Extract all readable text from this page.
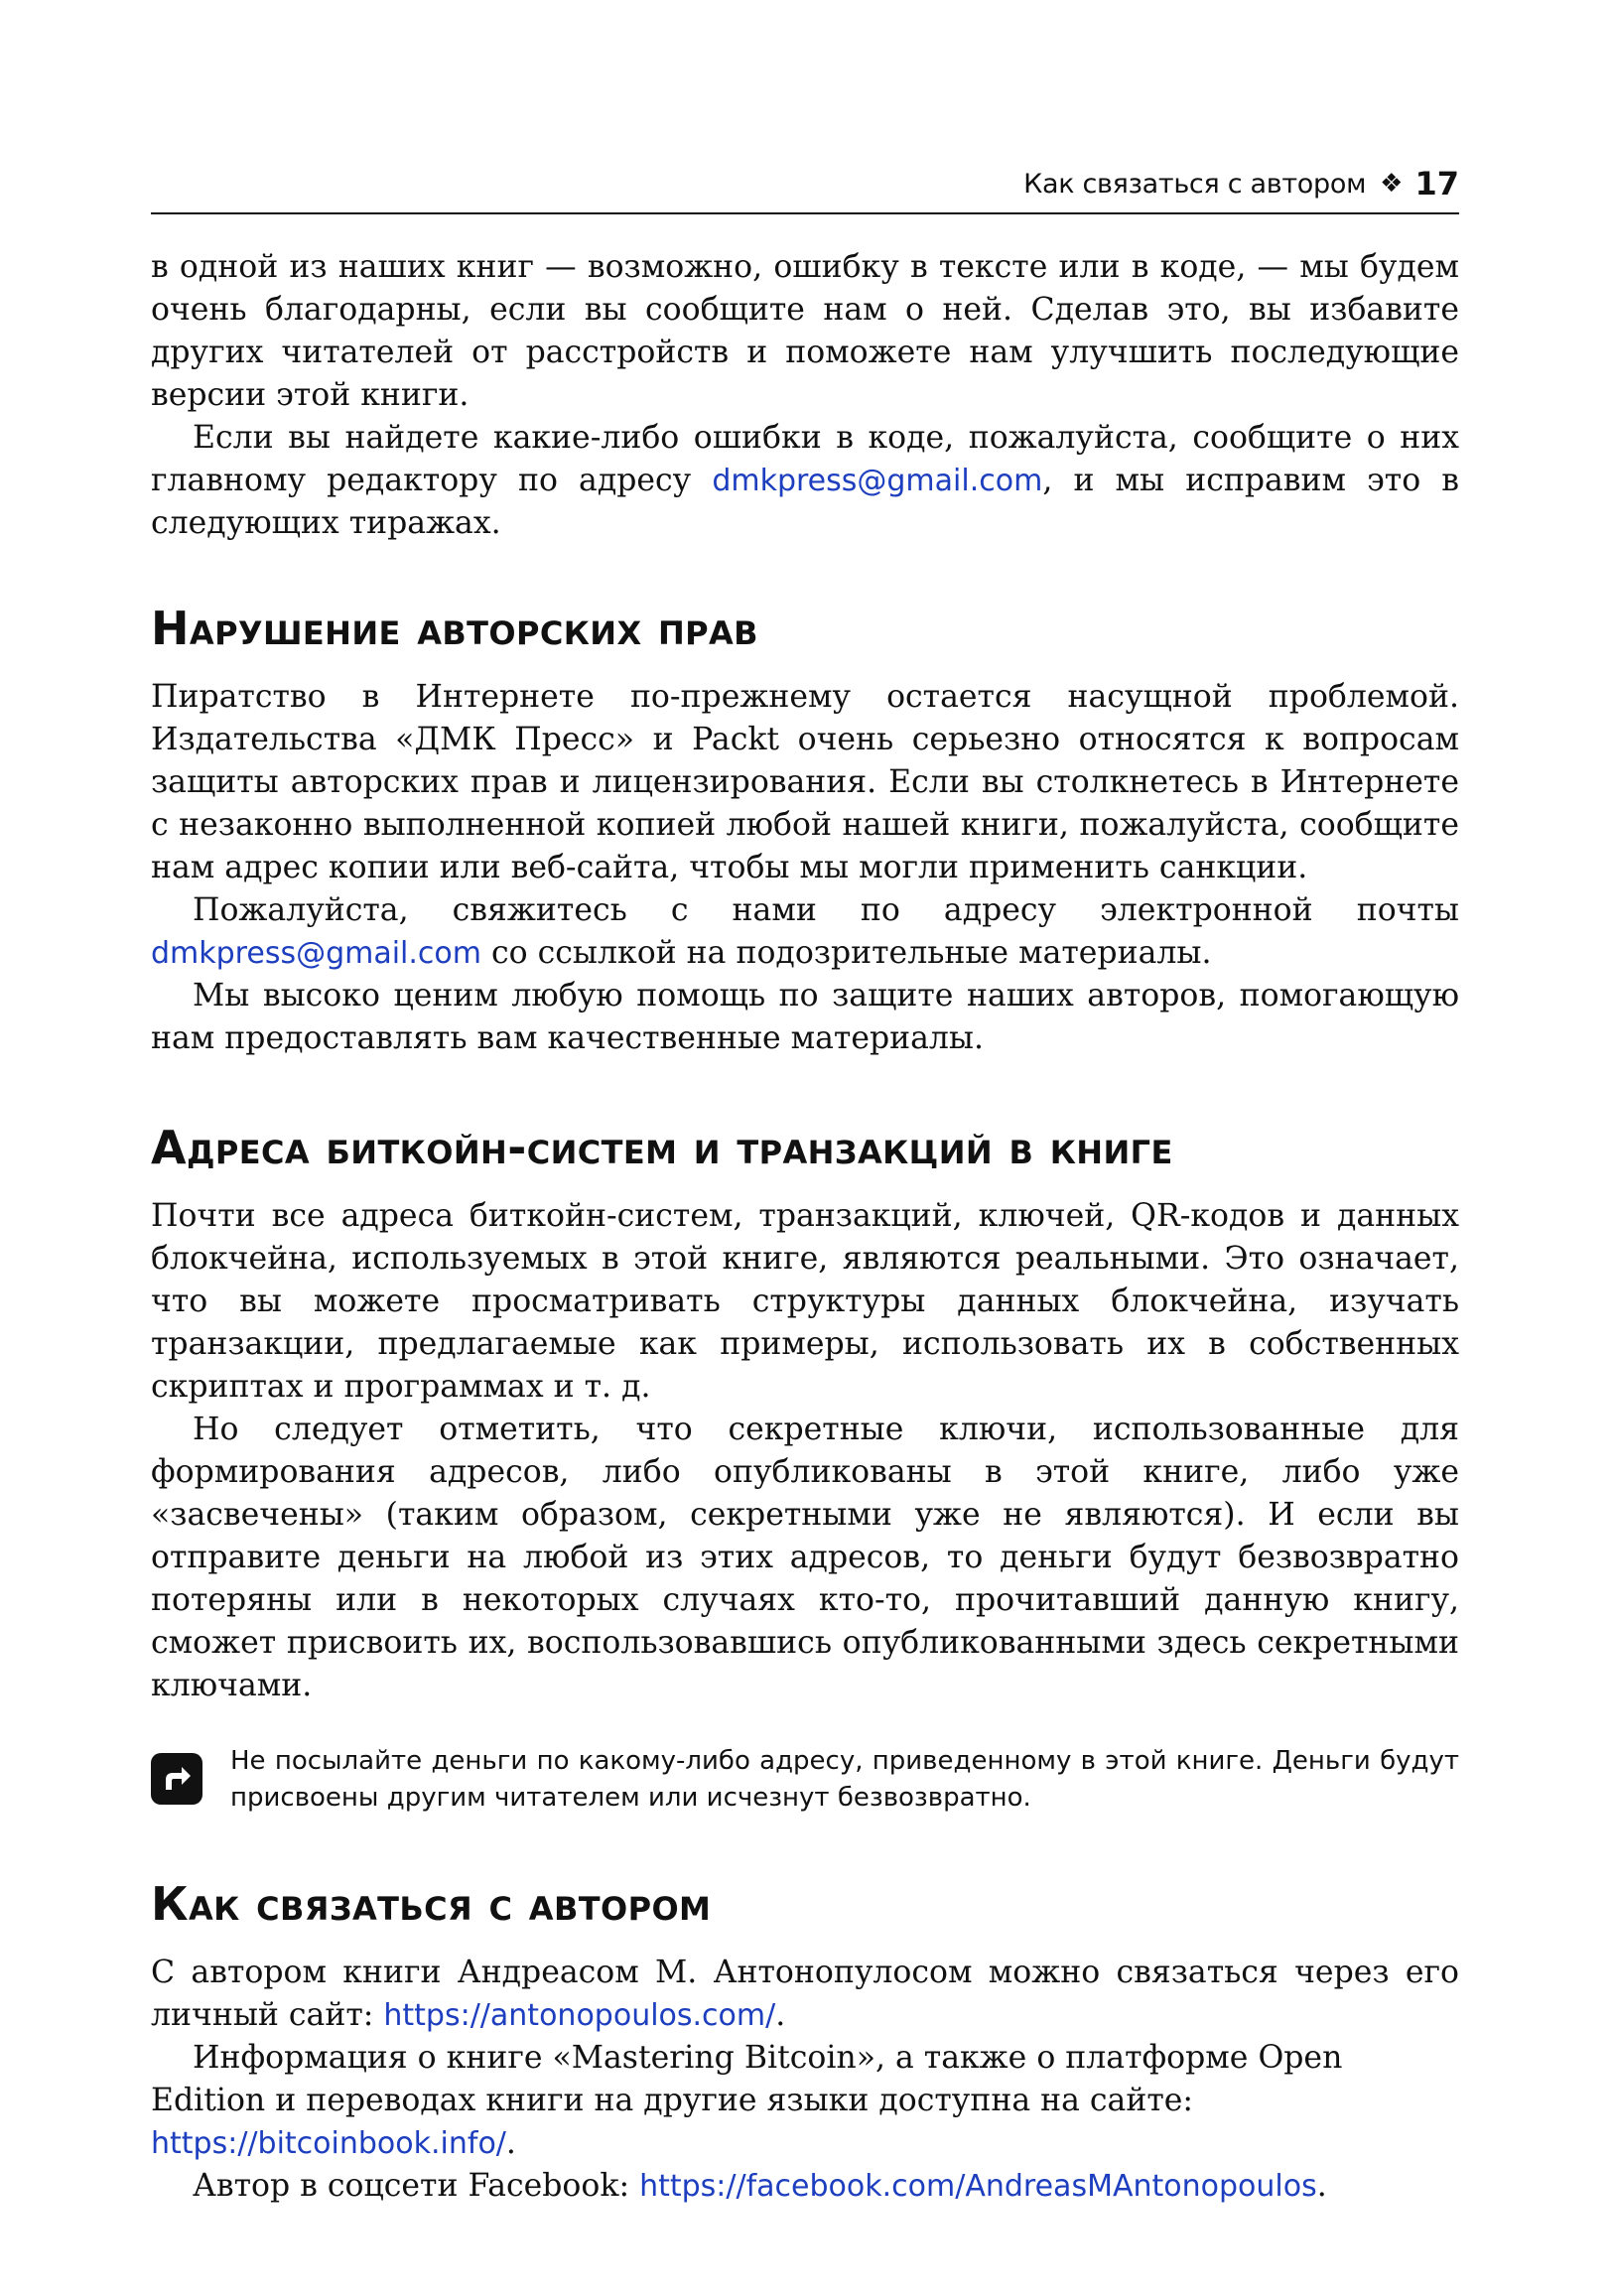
Как связаться с автором ❖ 17

в одной из наших книг — возможно, ошибку в тексте или в коде, — мы будем очень благодарны, если вы сообщите нам о ней. Сделав это, вы избавите других читателей от расстройств и поможете нам улучшить последующие версии этой книги.

Если вы найдете какие-либо ошибки в коде, пожалуйста, сообщите о них главному редактору по адресу dmkpress@gmail.com, и мы исправим это в следующих тиражах.

Нарушение авторских прав

Пиратство в Интернете по-прежнему остается насущной проблемой. Издательства «ДМК Пресс» и Packt очень серьезно относятся к вопросам защиты авторских прав и лицензирования. Если вы столкнетесь в Интернете с незаконно выполненной копией любой нашей книги, пожалуйста, сообщите нам адрес копии или веб-сайта, чтобы мы могли применить санкции.

Пожалуйста, свяжитесь с нами по адресу электронной почты dmkpress@gmail.com со ссылкой на подозрительные материалы.

Мы высоко ценим любую помощь по защите наших авторов, помогающую нам предоставлять вам качественные материалы.

Адреса биткойн-систем и транзакций в книге

Почти все адреса биткойн-систем, транзакций, ключей, QR-кодов и данных блокчейна, используемых в этой книге, являются реальными. Это означает, что вы можете просматривать структуры данных блокчейна, изучать транзакции, предлагаемые как примеры, использовать их в собственных скриптах и программах и т. д.

Но следует отметить, что секретные ключи, использованные для формирования адресов, либо опубликованы в этой книге, либо уже «засвечены» (таким образом, секретными уже не являются). И если вы отправите деньги на любой из этих адресов, то деньги будут безвозвратно потеряны или в некоторых случаях кто-то, прочитавший данную книгу, сможет присвоить их, воспользовавшись опубликованными здесь секретными ключами.

Не посылайте деньги по какому-либо адресу, приведенному в этой книге. Деньги будут присвоены другим читателем или исчезнут безвозвратно.
Как связаться с автором

С автором книги Андреасом М. Антонопулосом можно связаться через его личный сайт: https://antonopoulos.com/.

Информация о книге «Mastering Bitcoin», а также о платформе Open Edition и переводах книги на другие языки доступна на сайте: https://bitcoinbook.info/.

Автор в соцсети Facebook: https://facebook.com/AndreasMAntonopoulos.
